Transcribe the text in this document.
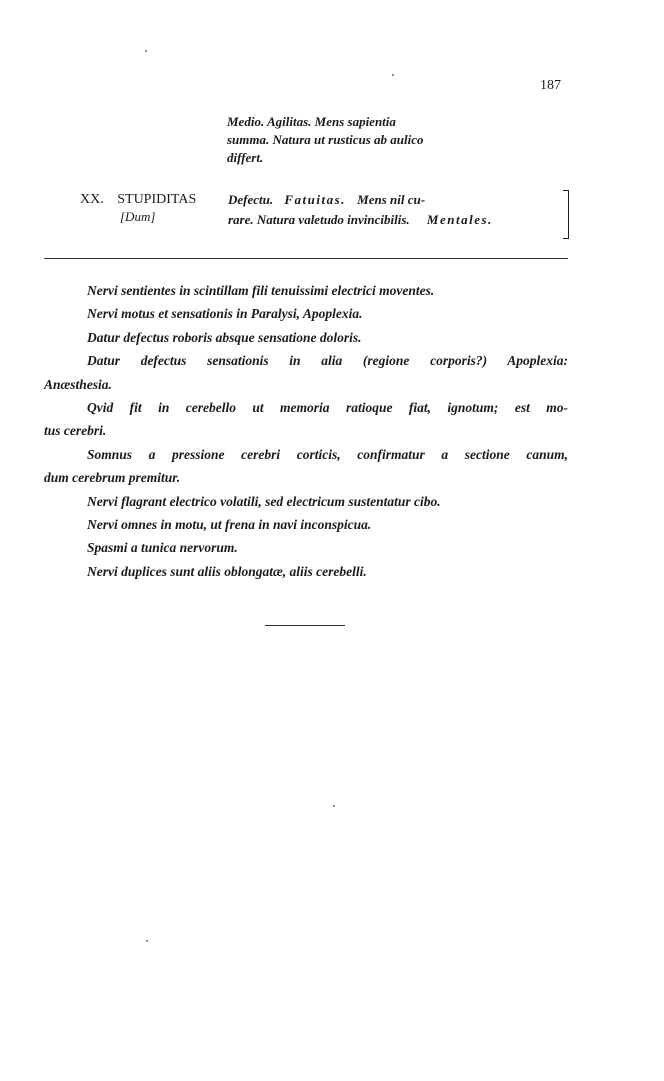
187
Medio. Agilitas. Mens sapientia
summa. Natura ut rusticus ab aulico
differt.
XX. STUPIDITAS
[Dum]
Defectu. Fatuitas. Mens nil cu-
rare. Natura valetudo invincibilis. Mentales.
Nervi sentientes in scintillam fili tenuissimi electrici moventes.
Nervi motus et sensationis in Paralysi, Apoplexia.
Datur defectus roboris absque sensatione doloris.
Datur defectus sensationis in alia (regione corporis?) Apoplexia:
Anæsthesia.
Qvid fit in cerebello ut memoria ratioque fiat, ignotum; est mo-
tus cerebri.
Somnus a pressione cerebri corticis, confirmatur a sectione canum,
dum cerebrum premitur.
Nervi flagrant electrico volatili, sed electricum sustentatur cibo.
Nervi omnes in motu, ut frena in navi inconspicua.
Spasmi a tunica nervorum.
Nervi duplices sunt aliis oblongatæ, aliis cerebelli.
